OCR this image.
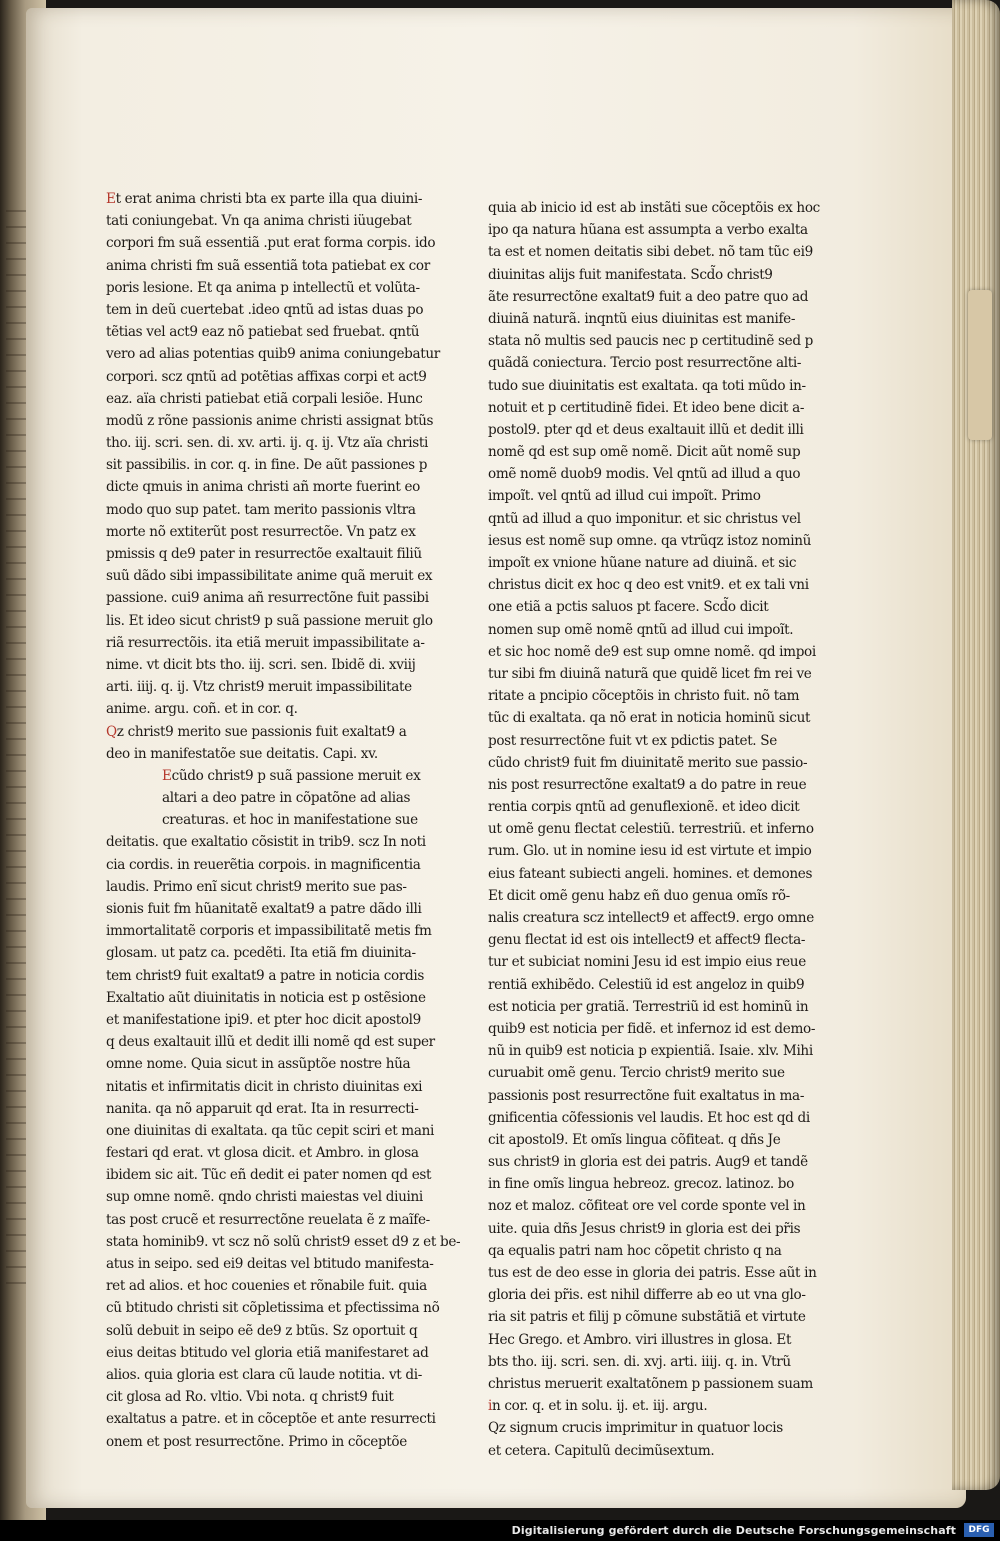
Et erat anima christi bta ex parte illa qua diuini-
tati coniungebat. Vn qa anima christi iüugebat
corpori fm suã essentiã .put erat forma corpis. ido
anima christi fm suã essentiã tota patiebat ex cor
poris lesione. Et qa anima p intellectũ et volũta-
tem in deũ cuertebat .ideo qntũ ad istas duas po
tẽtias vel act9 eaz nõ patiebat sed fruebat. qntũ
vero ad alias potentias quib9 anima coniungebatur
corpori. scz qntũ ad potẽtias affixas corpi et act9
eaz. aïa christi patiebat etiã corpali lesiõe. Hunc
modũ z rõne passionis anime christi assignat btũs
tho. iij. scri. sen. di. xv. arti. ij. q. ij. Vtz aïa christi
sit passibilis. in cor. q. in fine. De aũt passiones p
dicte qmuis in anima christi añ morte fuerint eo
modo quo sup patet. tam merito passionis vltra
morte nõ extiterũt post resurrectõe. Vn patz ex
pmissis q de9 pater in resurrectõe exaltauit filiũ
suũ dãdo sibi impassibilitate anime quã meruit ex
passione. cui9 anima añ resurrectõne fuit passibi
lis. Et ideo sicut christ9 p suã passione meruit glo
riã resurrectõis. ita etiã meruit impassibilitate a-
nime. vt dicit bts tho. iij. scri. sen. Ibidẽ di. xviij
arti. iiij. q. ij. Vtz christ9 meruit impassibilitate
anime. argu. coñ. et in cor. q.
Qz christ9 merito sue passionis fuit exaltat9 a
deo in manifestatõe sue deitatis. Capi. xv.
Ecũdo christ9 p suã passione meruit ex
altari a deo patre in cõpatõne ad alias
creaturas. et hoc in manifestatione sue
deitatis. que exaltatio cõsistit in trib9. scz In noti
cia cordis. in reuerẽtia corpois. in magnificentia
laudis. Primo enĩ sicut christ9 merito sue pas-
sionis fuit fm hũanitatẽ exaltat9 a patre dãdo illi
immortalitatẽ corporis et impassibilitatẽ metis fm
glosam. ut patz ca. pcedẽti. Ita etiã fm diuinita-
tem christ9 fuit exaltat9 a patre in noticia cordis
Exaltatio aũt diuinitatis in noticia est p ostẽsione
et manifestatione ipi9. et pter hoc dicit apostol9
q deus exaltauit illũ et dedit illi nomẽ qd est super
omne nome. Quia sicut in assũptõe nostre hũa
nitatis et infirmitatis dicit in christo diuinitas exi
nanita. qa nõ apparuit qd erat. Ita in resurrecti-
one diuinitas di exaltata. qa tũc cepit sciri et mani
festari qd erat. vt glosa dicit. et Ambro. in glosa
ibidem sic ait. Tũc eñ dedit ei pater nomen qd est
sup omne nomẽ. qndo christi maiestas vel diuini
tas post crucẽ et resurrectõne reuelata ẽ z maĩfe-
stata hominib9. vt scz nõ solũ christ9 esset d9 z et be-
atus in seipo. sed ei9 deitas vel btitudo manifesta-
ret ad alios. et hoc couenies et rõnabile fuit. quia
cũ btitudo christi sit cõpletissima et pfectissima nõ
solũ debuit in seipo eẽ de9 z btũs. Sz oportuit q
eius deitas btitudo vel gloria etiã manifestaret ad
alios. quia gloria est clara cũ laude notitia. vt di-
cit glosa ad Ro. vltio. Vbi nota. q christ9 fuit
exaltatus a patre. et in cõceptõe et ante resurrecti
onem et post resurrectõne. Primo in cõceptõe
quia ab inicio id est ab instãti sue cõceptõis ex hoc
ipo qa natura hũana est assumpta a verbo exalta
ta est et nomen deitatis sibi debet. nõ tam tũc ei9
diuinitas alijs fuit manifestata. Scd̃o christ9
ãte resurrectõne exaltat9 fuit a deo patre quo ad
diuinã naturã. inqntũ eius diuinitas est manife-
stata nõ multis sed paucis nec p certitudinẽ sed p
quãdã coniectura. Tercio post resurrectõne alti-
tudo sue diuinitatis est exaltata. qa toti mũdo in-
notuit et p certitudinẽ fidei. Et ideo bene dicit a-
postol9. pter qd et deus exaltauit illũ et dedit illi
nomẽ qd est sup omẽ nomẽ. Dicit aũt nomẽ sup
omẽ nomẽ duob9 modis. Vel qntũ ad illud a quo
impoĩt. vel qntũ ad illud cui impoĩt. Primo
qntũ ad illud a quo imponitur. et sic christus vel
iesus est nomẽ sup omne. qa vtrũqz istoz nominũ
impoĩt ex vnione hũane nature ad diuinã. et sic
christus dicit ex hoc q deo est vnit9. et ex tali vni
one etiã a pctis saluos pt facere. Scd̃o dicit
nomen sup omẽ nomẽ qntũ ad illud cui impoĩt.
et sic hoc nomẽ de9 est sup omne nomẽ. qd impoi
tur sibi fm diuinã naturã que quidẽ licet fm rei ve
ritate a pncipio cõceptõis in christo fuit. nõ tam
tũc di exaltata. qa nõ erat in noticia hominũ sicut
post resurrectõne fuit vt ex pdictis patet. Se
cũdo christ9 fuit fm diuinitatẽ merito sue passio-
nis post resurrectõne exaltat9 a do patre in reue
rentia corpis qntũ ad genuflexionẽ. et ideo dicit
ut omẽ genu flectat celestiũ. terrestriũ. et inferno
rum. Glo. ut in nomine iesu id est virtute et impio
eius fateant subiecti angeli. homines. et demones
Et dicit omẽ genu habz eñ duo genua omĩs rõ-
nalis creatura scz intellect9 et affect9. ergo omne
genu flectat id est ois intellect9 et affect9 flecta-
tur et subiciat nomini Jesu id est impio eius reue
rentiã exhibẽdo. Celestiũ id est angeloz in quib9
est noticia per gratiã. Terrestriũ id est hominũ in
quib9 est noticia per fidẽ. et infernoz id est demo-
nũ in quib9 est noticia p expientiã. Isaie. xlv. Mihi
curuabit omẽ genu. Tercio christ9 merito sue
passionis post resurrectõne fuit exaltatus in ma-
gnificentia cõfessionis vel laudis. Et hoc est qd di
cit apostol9. Et omĩs lingua cõfiteat. q dñs Je
sus christ9 in gloria est dei patris. Aug9 et tandẽ
in fine omĩs lingua hebreoz. grecoz. latinoz. bo
noz et maloz. cõfiteat ore vel corde sponte vel in
uite. quia dñs Jesus christ9 in gloria est dei pr̃is
qa equalis patri nam hoc cõpetit christo q na
tus est de deo esse in gloria dei patris. Esse aũt in
gloria dei pr̃is. est nihil differre ab eo ut vna glo-
ria sit patris et filij p cõmune substãtiã et virtute
Hec Grego. et Ambro. viri illustres in glosa. Et
bts tho. iij. scri. sen. di. xvj. arti. iiij. q. in. Vtrũ
christus meruerit exaltatõnem p passionem suam
in cor. q. et in solu. ij. et. iij. argu.
Qz signum crucis imprimitur in quatuor locis
et cetera. Capitulũ decimũsextum.
Digitalisierung gefördert durch die Deutsche Forschungsgemeinschaft	DFG
